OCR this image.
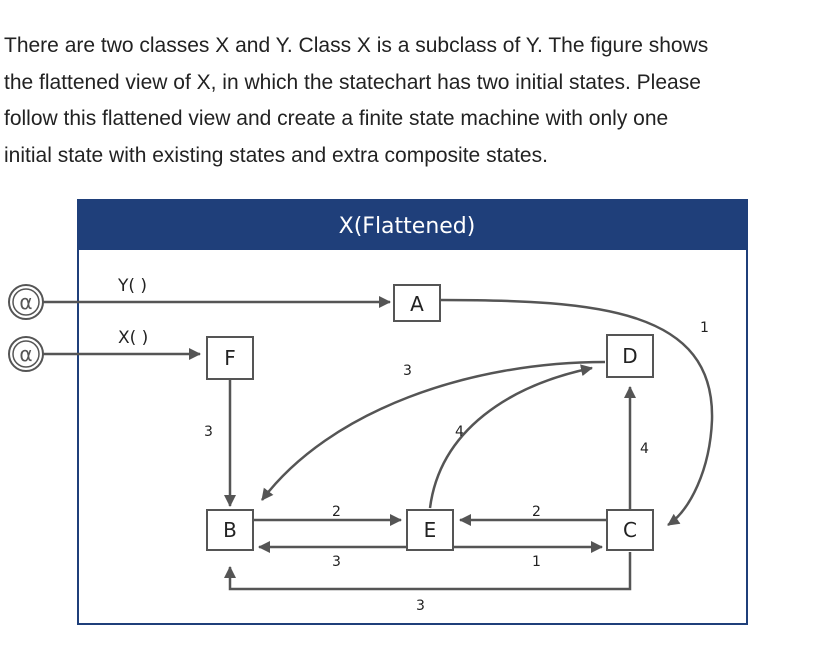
There are two classes X and Y. Class X is a subclass of Y. The figure shows

the flattened view of X, in which the statechart has two initial states. Please

follow this flattened view and create a finite state machine with only one

initial state with existing states and extra composite states.

X(Flattened)
α
Y( )
α
X( )	1
3
4
4
3
2
3
2
1
3
A
F	D
B	E	C
